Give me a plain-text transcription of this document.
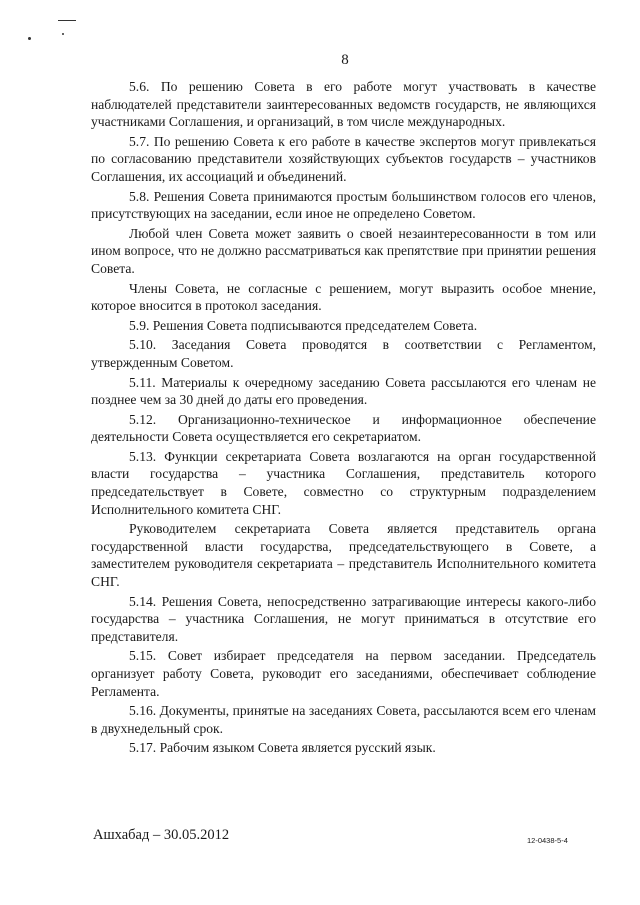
8

5.6. По решению Совета в его работе могут участвовать в качестве наблюдателей представители заинтересованных ведомств государств, не являющихся участниками Соглашения, и организаций, в том числе международных.

5.7. По решению Совета к его работе в качестве экспертов могут привлекаться по согласованию представители хозяйствующих субъектов государств – участников Соглашения, их ассоциаций и объединений.

5.8. Решения Совета принимаются простым большинством голосов его членов, присутствующих на заседании, если иное не определено Советом.

Любой член Совета может заявить о своей незаинтересованности в том или ином вопросе, что не должно рассматриваться как препятствие при принятии решения Совета.

Члены Совета, не согласные с решением, могут выразить особое мнение, которое вносится в протокол заседания.

5.9. Решения Совета подписываются председателем Совета.

5.10. Заседания Совета проводятся в соответствии с Регламентом, утвержденным Советом.

5.11. Материалы к очередному заседанию Совета рассылаются его членам не позднее чем за 30 дней до даты его проведения.

5.12. Организационно-техническое и информационное обеспечение деятельности Совета осуществляется его секретариатом.

5.13. Функции секретариата Совета возлагаются на орган государственной власти государства – участника Соглашения, представитель которого председательствует в Совете, совместно со структурным подразделением Исполнительного комитета СНГ.

Руководителем секретариата Совета является представитель органа государственной власти государства, председательствующего в Совете, а заместителем руководителя секретариата – представитель Исполнительного комитета СНГ.

5.14. Решения Совета, непосредственно затрагивающие интересы какого-либо государства – участника Соглашения, не могут приниматься в отсутствие его представителя.

5.15. Совет избирает председателя на первом заседании. Председатель организует работу Совета, руководит его заседаниями, обеспечивает соблюдение Регламента.

5.16. Документы, принятые на заседаниях Совета, рассылаются всем его членам в двухнедельный срок.

5.17. Рабочим языком Совета является русский язык.

Ашхабад – 30.05.2012	12-0438-5-4
